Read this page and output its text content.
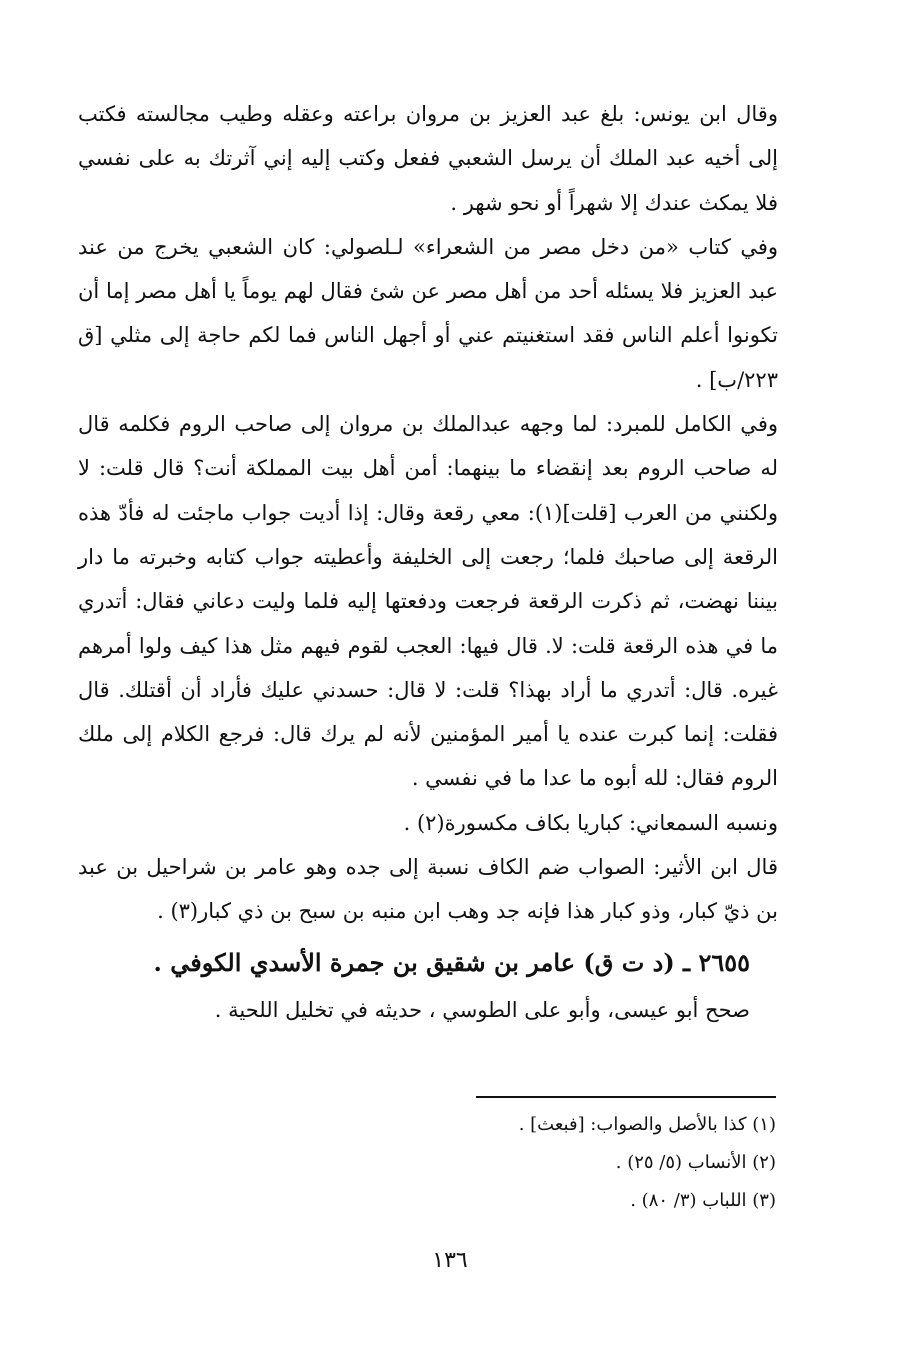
وقال ابن يونس: بلغ عبد العزيز بن مروان براعته وعقله وطيب مجالسته فكتب إلى أخيه عبد الملك أن يرسل الشعبي ففعل وكتب إليه إني آثرتك به على نفسي فلا يمكث عندك إلا شهراً أو نحو شهر .

وفي كتاب «من دخل مصر من الشعراء» لـلصولي: كان الشعبي يخرج من عند عبد العزيز فلا يسئله أحد من أهل مصر عن شئ فقال لهم يوماً يا أهل مصر إما أن تكونوا أعلم الناس فقد استغنيتم عني أو أجهل الناس فما لكم حاجة إلى مثلي [ق ٢٢٣/ب] .

وفي الكامل للمبرد: لما وجهه عبدالملك بن مروان إلى صاحب الروم فكلمه قال له صاحب الروم بعد إنقضاء ما بينهما: أمن أهل بيت المملكة أنت؟ قال قلت: لا ولكنني من العرب [قلت](١): معي رقعة وقال: إذا أديت جواب ماجئت له فأدّ هذه الرقعة إلى صاحبك فلما؛ رجعت إلى الخليفة وأعطيته جواب كتابه وخبرته ما دار بيننا نهضت، ثم ذكرت الرقعة فرجعت ودفعتها إليه فلما وليت دعاني فقال: أتدري ما في هذه الرقعة قلت: لا. قال فيها: العجب لقوم فيهم مثل هذا كيف ولوا أمرهم غيره. قال: أتدري ما أراد بهذا؟ قلت: لا قال: حسدني عليك فأراد أن أقتلك. قال فقلت: إنما كبرت عنده يا أمير المؤمنين لأنه لم يرك قال: فرجع الكلام إلى ملك الروم فقال: لله أبوه ما عدا ما في نفسي .

ونسبه السمعاني: كباريا بكاف مكسورة(٢) .

قال ابن الأثير: الصواب ضم الكاف نسبة إلى جده وهو عامر بن شراحيل بن عبد بن ذيّ كبار، وذو كبار هذا فإنه جد وهب ابن منبه بن سبح بن ذي كبار(٣) .

٢٦٥٥ ـ (د ت ق) عامر بن شقيق بن جمرة الأسدي الكوفي .

صحح أبو عيسى، وأبو على الطوسي ، حديثه في تخليل اللحية .

(١) كذا بالأصل والصواب: [فبعث] .

(٢) الأنساب (٥/ ٢٥) .

(٣) اللباب (٣/ ٨٠) .

١٣٦
